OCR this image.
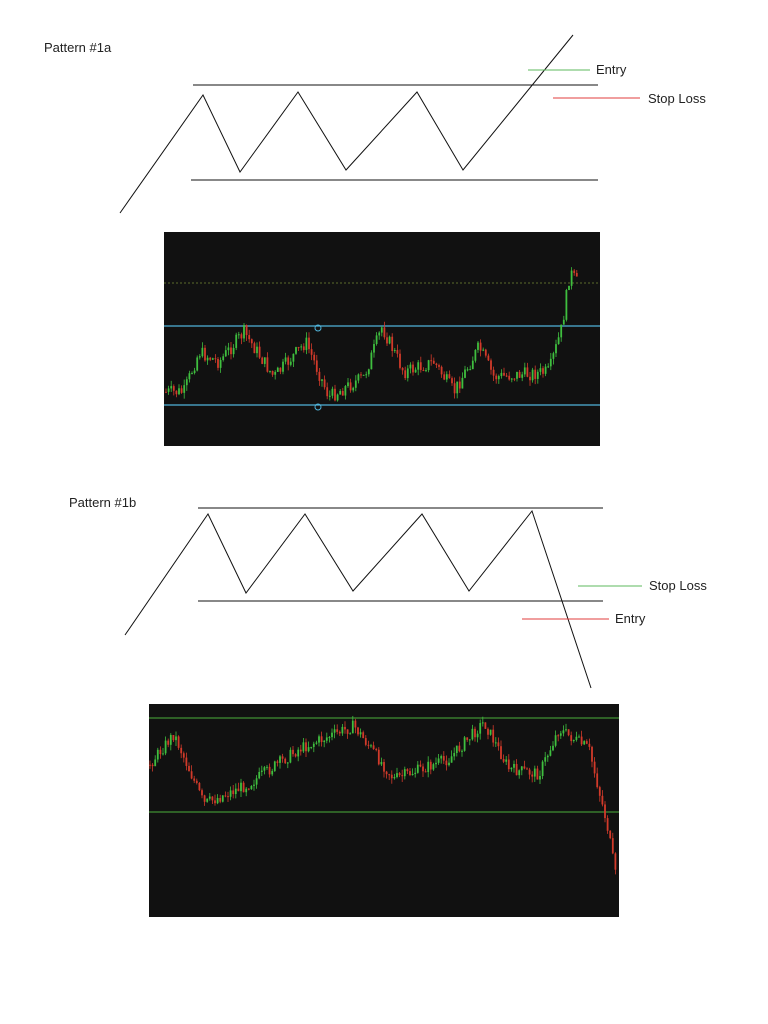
Pattern #1a
Entry
Stop Loss
Pattern #1b
Stop Loss
Entry
